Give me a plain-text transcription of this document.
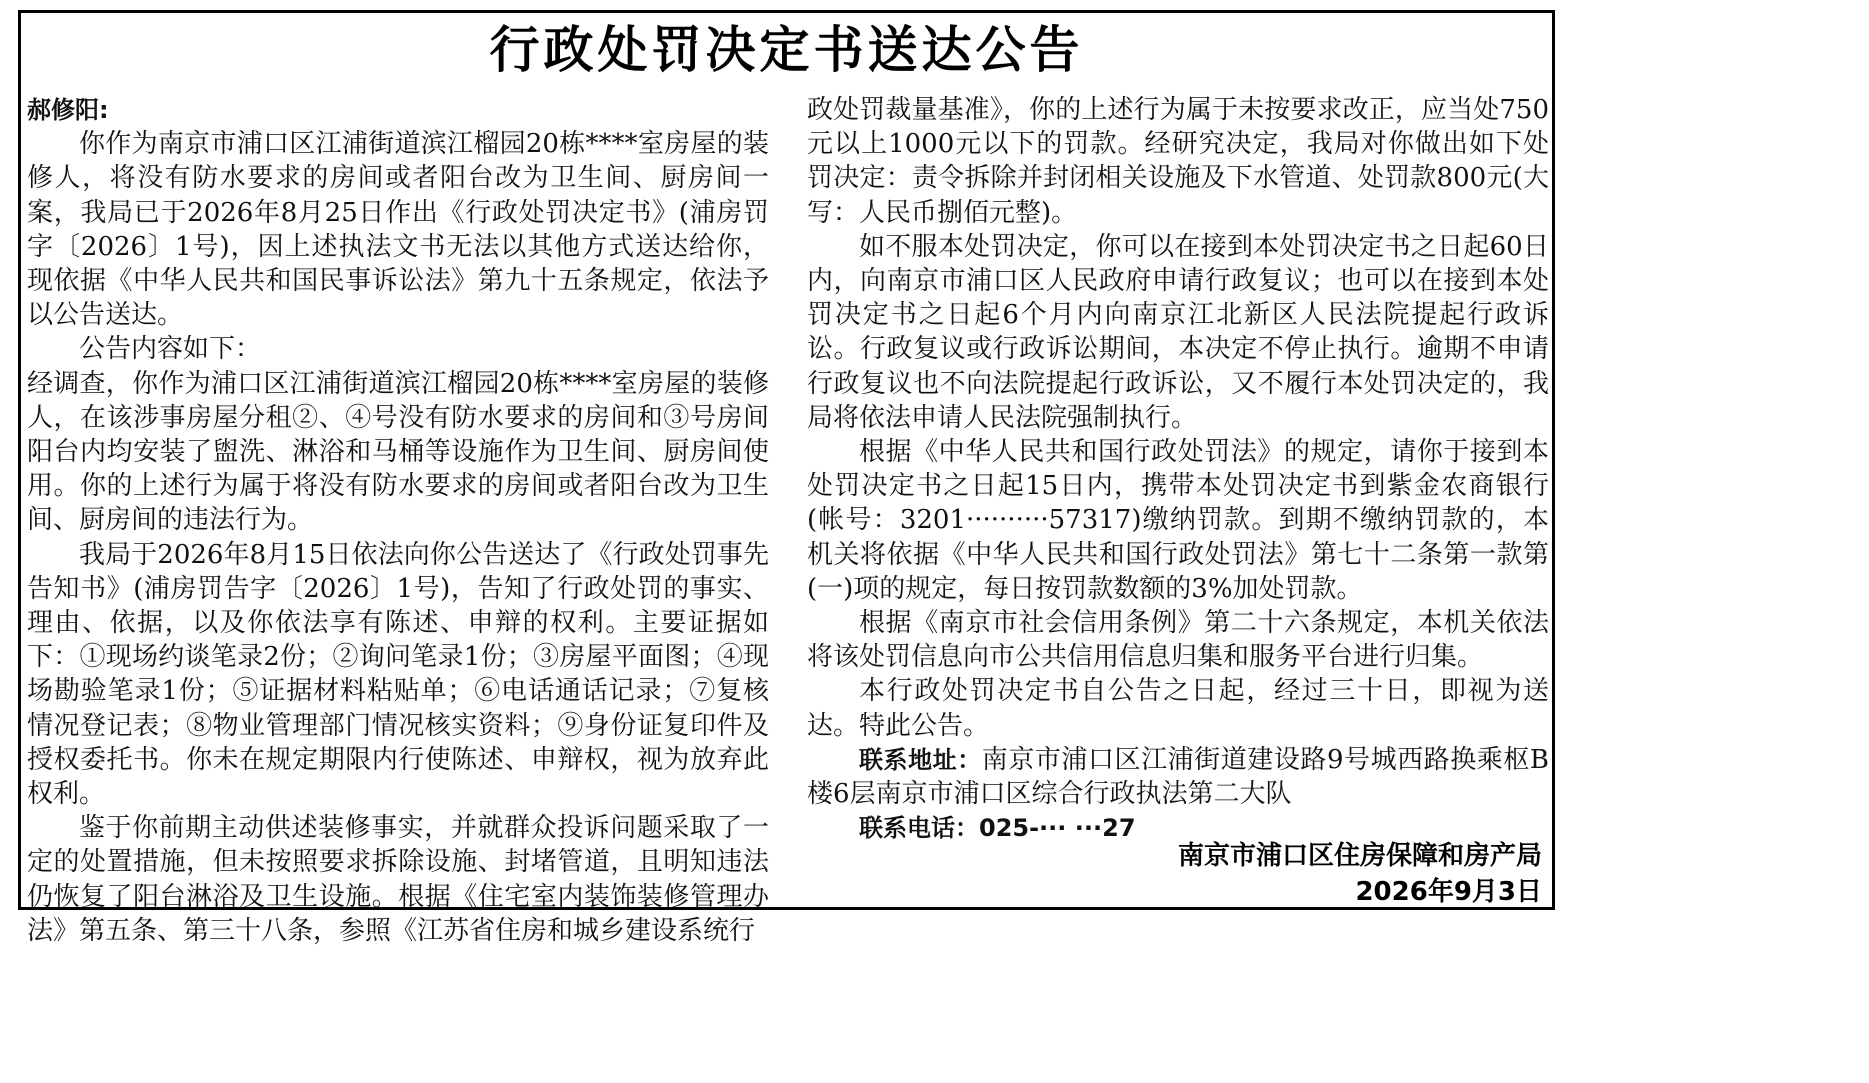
行政处罚决定书送达公告

郝修阳:

你作为南京市浦口区江浦街道滨江榴园20栋****室房屋的装修人，将没有防水要求的房间或者阳台改为卫生间、厨房间一案，我局已于2026年8月25日作出《行政处罚决定书》(浦房罚字〔2026〕1号)，因上述执法文书无法以其他方式送达给你，现依据《中华人民共和国民事诉讼法》第九十五条规定，依法予以公告送达。

公告内容如下：

经调查，你作为浦口区江浦街道滨江榴园20栋****室房屋的装修人，在该涉事房屋分租②、④号没有防水要求的房间和③号房间阳台内均安装了盥洗、淋浴和马桶等设施作为卫生间、厨房间使用。你的上述行为属于将没有防水要求的房间或者阳台改为卫生间、厨房间的违法行为。

我局于2026年8月15日依法向你公告送达了《行政处罚事先告知书》(浦房罚告字〔2026〕1号)，告知了行政处罚的事实、理由、依据，以及你依法享有陈述、申辩的权利。主要证据如下：①现场约谈笔录2份；②询问笔录1份；③房屋平面图；④现场勘验笔录1份；⑤证据材料粘贴单；⑥电话通话记录；⑦复核情况登记表；⑧物业管理部门情况核实资料；⑨身份证复印件及授权委托书。你未在规定期限内行使陈述、申辩权，视为放弃此权利。

鉴于你前期主动供述装修事实，并就群众投诉问题采取了一定的处置措施，但未按照要求拆除设施、封堵管道，且明知违法仍恢复了阳台淋浴及卫生设施。根据《住宅室内装饰装修管理办法》第五条、第三十八条，参照《江苏省住房和城乡建设系统行

政处罚裁量基准》，你的上述行为属于未按要求改正，应当处750元以上1000元以下的罚款。经研究决定，我局对你做出如下处罚决定：责令拆除并封闭相关设施及下水管道、处罚款800元(大写：人民币捌佰元整)。

如不服本处罚决定，你可以在接到本处罚决定书之日起60日内，向南京市浦口区人民政府申请行政复议；也可以在接到本处罚决定书之日起6个月内向南京江北新区人民法院提起行政诉讼。行政复议或行政诉讼期间，本决定不停止执行。逾期不申请行政复议也不向法院提起行政诉讼，又不履行本处罚决定的，我局将依法申请人民法院强制执行。

根据《中华人民共和国行政处罚法》的规定，请你于接到本处罚决定书之日起15日内，携带本处罚决定书到紫金农商银行(帐号：3201··········57317)缴纳罚款。到期不缴纳罚款的，本机关将依据《中华人民共和国行政处罚法》第七十二条第一款第(一)项的规定，每日按罚款数额的3%加处罚款。

根据《南京市社会信用条例》第二十六条规定，本机关依法将该处罚信息向市公共信用信息归集和服务平台进行归集。

本行政处罚决定书自公告之日起，经过三十日，即视为送达。特此公告。

联系地址：南京市浦口区江浦街道建设路9号城西路换乘枢B楼6层南京市浦口区综合行政执法第二大队

联系电话：025-··· ···27

南京市浦口区住房保障和房产局
2026年9月3日
